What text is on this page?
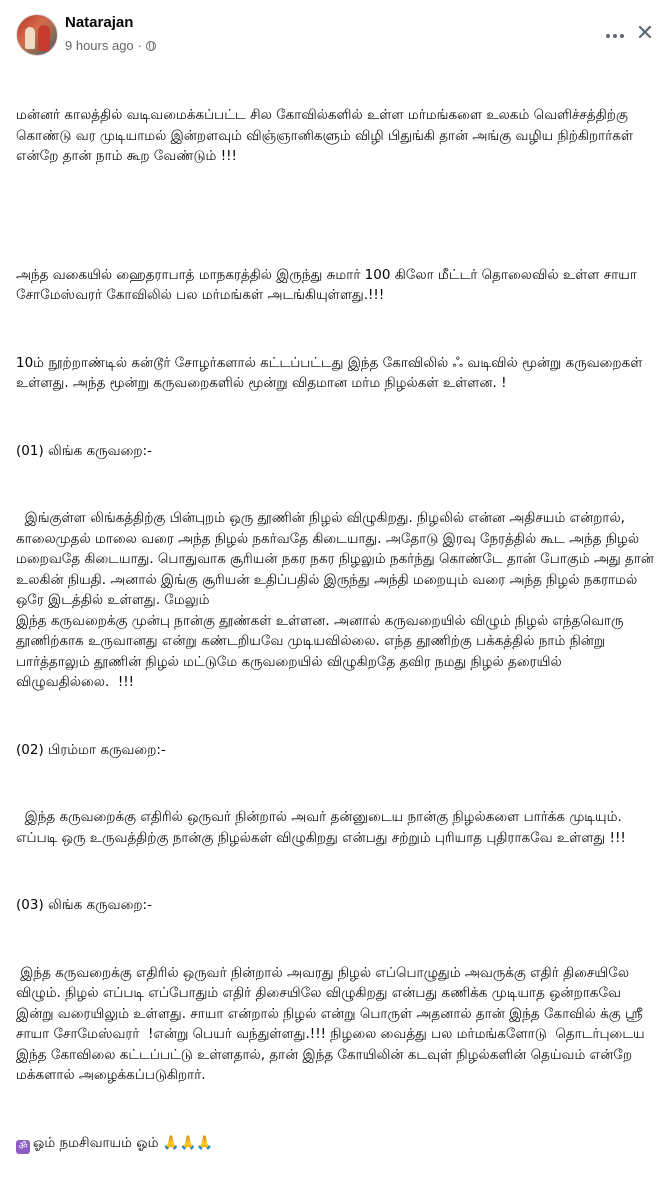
Natarajan
9 hours ago ·	✕

மன்னர் காலத்தில் வடிவமைக்கப்பட்ட சில கோவில்களில் உள்ள மர்மங்களை உலகம் வெளிச்சத்திற்கு கொண்டு வர முடியாமல் இன்றளவும் விஞ்ஞானிகளும் விழி பிதுங்கி தான் அங்கு வழிய நிற்கிறார்கள் என்றே தான் நாம் கூற வேண்டும் !!!

அந்த வகையில் ஹைதராபாத் மாநகரத்தில் இருந்து சுமார் 100 கிலோ மீட்டர் தொலைவில் உள்ள சாயா சோமேஸ்வரர் கோவிலில் பல மர்மங்கள் அடங்கியுள்ளது.!!!

10ம் நூற்றாண்டில் கன்டூர் சோழர்களால் கட்டப்பட்டது இந்த கோவிலில் ஃ வடிவில் மூன்று கருவறைகள் உள்ளது. அந்த மூன்று கருவறைகளில் மூன்று விதமான மர்ம நிழல்கள் உள்ளன. !

(01) லிங்க கருவறை:-

இங்குள்ள லிங்கத்திற்கு பின்புறம் ஒரு தூணின் நிழல் விழுகிறது. நிழலில் என்ன அதிசயம் என்றால், காலைமுதல் மாலை வரை அந்த நிழல் நகர்வதே கிடையாது. அதோடு இரவு நேரத்தில் கூட அந்த நிழல் மறைவதே கிடையாது. பொதுவாக சூரியன் நகர நகர நிழலும் நகர்ந்து கொண்டே தான் போகும் அது தான் உலகின் நியதி. அனால் இங்கு சூரியன் உதிப்பதில் இருந்து அந்தி மறையும் வரை அந்த நிழல் நகராமல் ஒரே இடத்தில் உள்ளது. மேலும்
இந்த கருவறைக்கு முன்பு நான்கு தூண்கள் உள்ளன. அனால் கருவறையில் விழும் நிழல் எந்தவொரு தூணிற்காக உருவானது என்று கண்டறியவே முடியவில்லை. எந்த தூணிற்கு பக்கத்தில் நாம் நின்று பார்த்தாலும் தூணின் நிழல் மட்டுமே கருவறையில் விழுகிறதே தவிர நமது நிழல் தரையில் விழுவதில்லை.  !!!

(02) பிரம்மா கருவறை:-

இந்த கருவறைக்கு எதிரில் ஒருவர் நின்றால் அவர் தன்னுடைய நான்கு நிழல்களை பார்க்க முடியும். எப்படி ஒரு உருவத்திற்கு நான்கு நிழல்கள் விழுகிறது என்பது சற்றும் புரியாத புதிராகவே உள்ளது !!!

(03) லிங்க கருவறை:-

இந்த கருவறைக்கு எதிரில் ஒருவர் நின்றால் அவரது நிழல் எப்பொழுதும் அவருக்கு எதிர் திசையிலே விழும். நிழல் எப்படி எப்போதும் எதிர் திசையிலே விழுகிறது என்பது கணிக்க முடியாத ஒன்றாகவே  இன்று வரையிலும் உள்ளது. சாயா என்றால் நிழல் என்று பொருள் அதனால் தான் இந்த கோவில் க்கு ஸ்ரீ சாயா சோமேஸ்வரர்  !என்று பெயர் வந்துள்ளது.!!! நிழலை வைத்து பல மர்மங்களோடு  தொடர்புடைய இந்த கோவிலை கட்டப்பட்டு உள்ளதால், தான் இந்த கோயிலின் கடவுள் நிழல்களின் தெய்வம் என்றே மக்களால் அழைக்கப்படுகிறார்.

ॐ ஓம் நமசிவாயம் ஓம் 🙏🙏🙏
